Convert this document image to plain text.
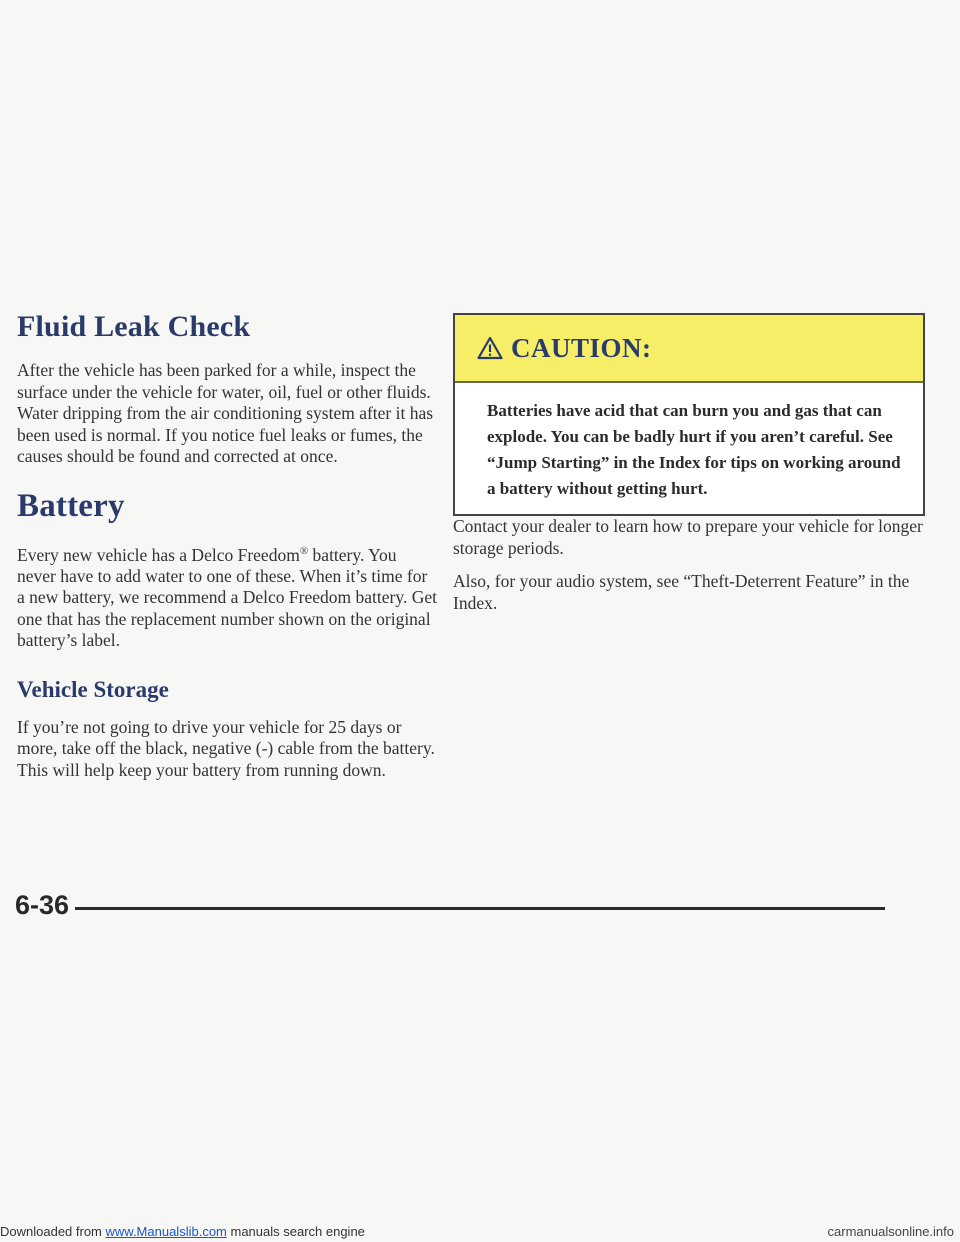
Fluid Leak Check

After the vehicle has been parked for a while, inspect the surface under the vehicle for water, oil, fuel or other fluids. Water dripping from the air conditioning system after it has been used is normal. If you notice fuel leaks or fumes, the causes should be found and corrected at once.

Battery

Every new vehicle has a Delco Freedom® battery. You never have to add water to one of these. When it’s time for a new battery, we recommend a Delco Freedom battery. Get one that has the replacement number shown on the original battery’s label.

Vehicle Storage

If you’re not going to drive your vehicle for 25 days or more, take off the black, negative (-) cable from the battery. This will help keep your battery from running down.

CAUTION:
Batteries have acid that can burn you and gas that can explode. You can be badly hurt if you aren’t careful. See “Jump Starting” in the Index for tips on working around a battery without getting hurt.

Contact your dealer to learn how to prepare your vehicle for longer storage periods.

Also, for your audio system, see “Theft-Deterrent Feature” in the Index.

6-36
Downloaded from www.Manualslib.com manuals search engine	carmanualsonline.info
